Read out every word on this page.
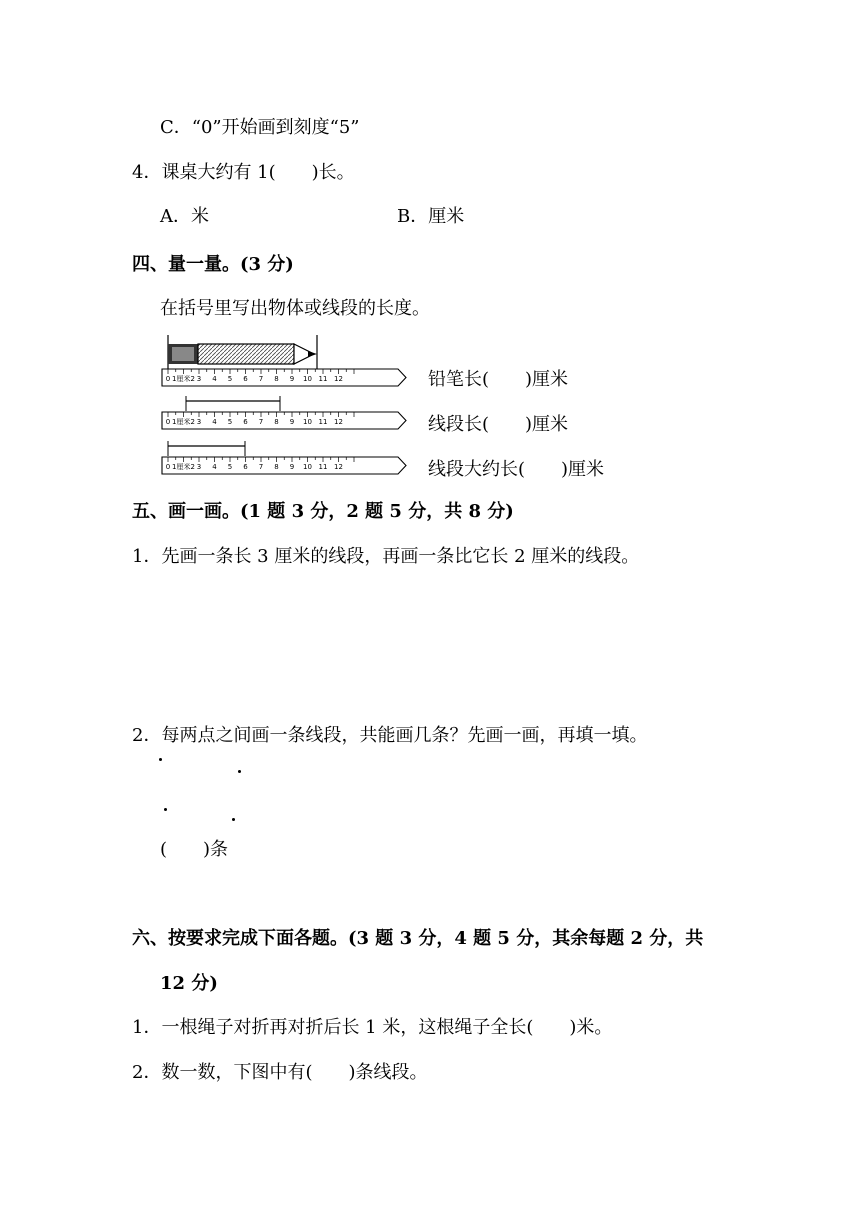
C．“0”开始画到刻度“5”
4．课桌大约有 1(　　)长。
A．米	B．厘米
四、量一量。(3 分)
在括号里写出物体或线段的长度。
0 1厘米2 3 4 5 6 7 8 9 10 11 12
0 1厘米2 3 4 5 6 7 8 9 10 11 12
0 1厘米2 3 4 5 6 7 8 9 10 11 12
铅笔长(　　)厘米
线段长(　　)厘米
线段大约长(　　)厘米
五、画一画。(1 题 3 分，2 题 5 分，共 8 分)
1．先画一条长 3 厘米的线段，再画一条比它长 2 厘米的线段。
2．每两点之间画一条线段，共能画几条？先画一画，再填一填。
(　　)条
六、按要求完成下面各题。(3 题 3 分，4 题 5 分，其余每题 2 分，共
12 分)
1．一根绳子对折再对折后长 1 米，这根绳子全长(　　)米。
2．数一数，下图中有(　　)条线段。
